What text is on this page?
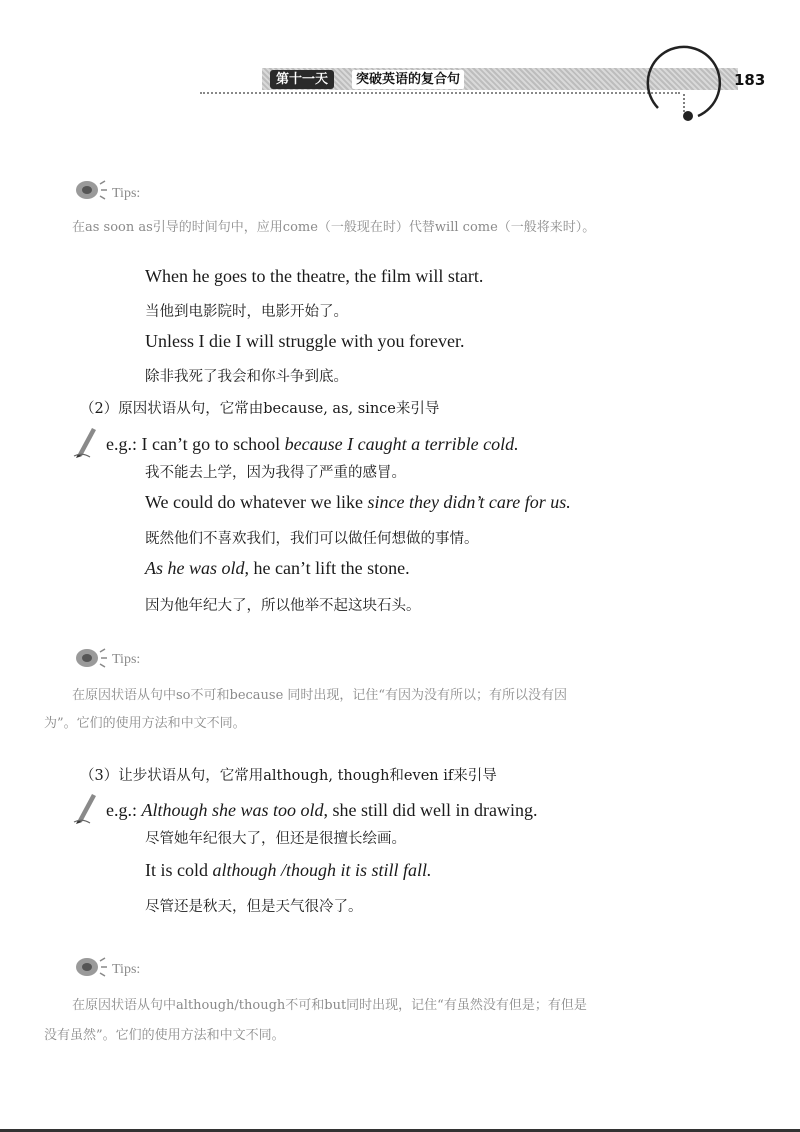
第十一天	突破英语的复合句	183
Tips:
在as soon as引导的时间句中，应用come（一般现在时）代替will come（一般将来时）。
When he goes to the theatre, the film will start.
当他到电影院时，电影开始了。
Unless I die I will struggle with you forever.
除非我死了我会和你斗争到底。
（2）原因状语从句，它常由because, as, since来引导
e.g.: I can’t go to school because I caught a terrible cold.
我不能去上学，因为我得了严重的感冒。
We could do whatever we like since they didn’t care for us.
既然他们不喜欢我们，我们可以做任何想做的事情。
As he was old, he can’t lift the stone.
因为他年纪大了，所以他举不起这块石头。
Tips:
在原因状语从句中so不可和because 同时出现，记住“有因为没有所以；有所以没有因
为”。它们的使用方法和中文不同。
（3）让步状语从句，它常用although, though和even if来引导
e.g.: Although she was too old, she still did well in drawing.
尽管她年纪很大了，但还是很擅长绘画。
It is cold although /though it is still fall.
尽管还是秋天，但是天气很冷了。
Tips:
在原因状语从句中although/though不可和but同时出现，记住“有虽然没有但是；有但是
没有虽然”。它们的使用方法和中文不同。
